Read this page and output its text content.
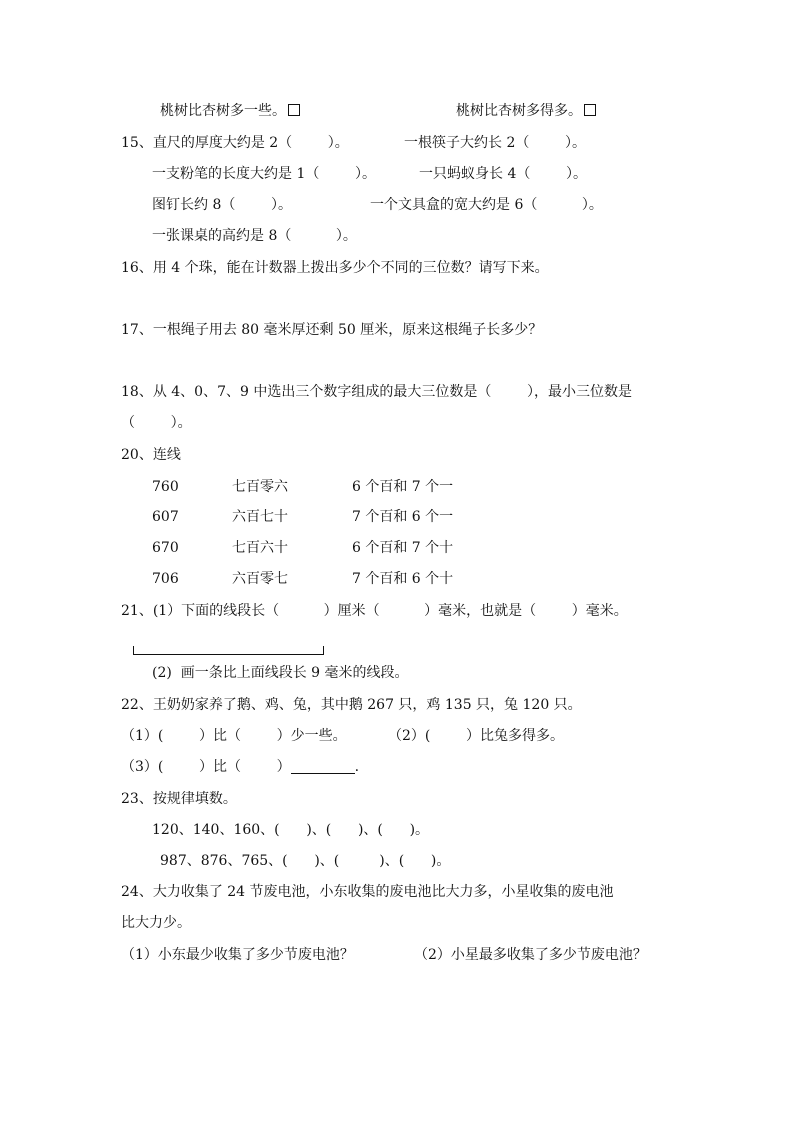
桃树比杏树多一些。	桃树比杏树多得多。
15、直尺的厚度大约是 2（        ）。	一根筷子大约长 2（        ）。
一支粉笔的长度大约是 1（        ）。	一只蚂蚁身长 4（        ）。
图钉长约 8（        ）。	一个文具盒的宽大约是 6（          ）。
一张课桌的高约是 8（          ）。
16、用 4 个珠，能在计数器上拨出多少个不同的三位数？请写下来。
17、一根绳子用去 80 毫米厚还剩 50 厘米，原来这根绳子长多少？
18、从 4、0、7、9 中选出三个数字组成的最大三位数是（        ），最小三位数是
（        ）。
20、连线
760	七百零六	6 个百和 7 个一
607	六百七十	7 个百和 6 个一
670	七百六十	6 个百和 7 个十
706	六百零七	7 个百和 6 个十
21、(1）下面的线段长（          ）厘米（          ）毫米，也就是（        ）毫米。
(2)  画一条比上面线段长 9 毫米的线段。
22、王奶奶家养了鹅、鸡、兔，其中鹅 267 只，鸡 135 只，兔 120 只。
（1）(        ）比（        ）少一些。	（2）(        ）比兔多得多。
（3）(        ）比（        ）	.
23、按规律填数。
120、140、160、(      )、(      )、(      )。
987、876、765、(      )、(         )、(      )。
24、大力收集了 24 节废电池，小东收集的废电池比大力多，小星收集的废电池
比大力少。
（1）小东最少收集了多少节废电池？	（2）小星最多收集了多少节废电池？
